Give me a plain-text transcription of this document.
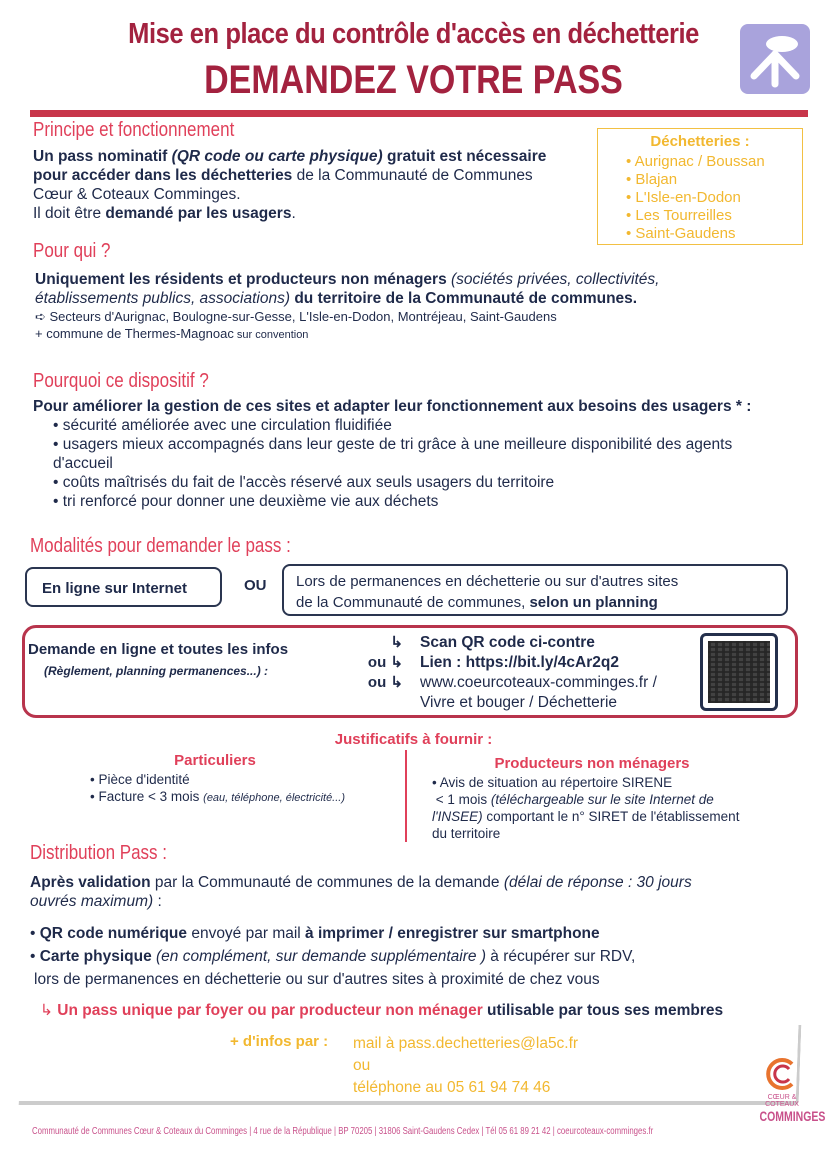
Mise en place du contrôle d'accès en déchetterie
DEMANDEZ VOTRE PASS
Principe et fonctionnement
Un pass nominatif (QR code ou carte physique) gratuit est nécessaire
pour accéder dans les déchetteries de la Communauté de Communes
Cœur & Coteaux Comminges.
Il doit être demandé par les usagers.
Déchetteries :
• Aurignac / Boussan
• Blajan
• L'Isle-en-Dodon
• Les Tourreilles
• Saint-Gaudens
Pour qui ?
Uniquement les résidents et producteurs non ménagers (sociétés privées, collectivités,
établissements publics, associations) du territoire de la Communauté de communes.
➪ Secteurs d'Aurignac, Boulogne-sur-Gesse, L'Isle-en-Dodon, Montréjeau, Saint-Gaudens
+ commune de Thermes-Magnoac sur convention
Pourquoi ce dispositif ?
Pour améliorer la gestion de ces sites et adapter leur fonctionnement aux besoins des usagers * :
• sécurité améliorée avec une circulation fluidifiée
• usagers mieux accompagnés dans leur geste de tri grâce à une meilleure disponibilité des agents d'accueil
• coûts maîtrisés du fait de l'accès réservé aux seuls usagers du territoire
• tri renforcé pour donner une deuxième vie aux déchets
Modalités pour demander le pass :
En ligne sur Internet	OU Lors de permanences en déchetterie ou sur d'autres sites
de la Communauté de communes, selon un planning
Demande en ligne et toutes les infos
(Règlement, planning permanences...) :
↳
ou ↳
ou ↳
Scan QR code ci-contre
Lien : https://bit.ly/4cAr2q2
www.coeurcoteaux-comminges.fr /
Vivre et bouger / Déchetterie
Justificatifs à fournir :
Particuliers
• Pièce d'identité
• Facture < 3 mois (eau, téléphone, électricité...)
Producteurs non ménagers
• Avis de situation au répertoire SIRENE
< 1 mois (téléchargeable sur le site Internet de
l'INSEE) comportant le n° SIRET de l'établissement
du territoire
Distribution Pass :
Après validation par la Communauté de communes de la demande (délai de réponse : 30 jours
ouvrés maximum) :
• QR code numérique envoyé par mail à imprimer / enregistrer sur smartphone
• Carte physique (en complément, sur demande supplémentaire ) à récupérer sur RDV,
lors de permanences en déchetterie ou sur d'autres sites à proximité de chez vous
↳ Un pass unique par foyer ou par producteur non ménager utilisable par tous ses membres
+ d'infos par : mail à pass.dechetteries@la5c.fr
ou
téléphone au 05 61 94 74 46
CŒUR & COTEAUX
COMMINGES
Communauté de Communes Cœur & Coteaux du Comminges | 4 rue de la République | BP 70205 | 31806 Saint-Gaudens Cedex | Tél 05 61 89 21 42 | coeurcoteaux-comminges.fr
